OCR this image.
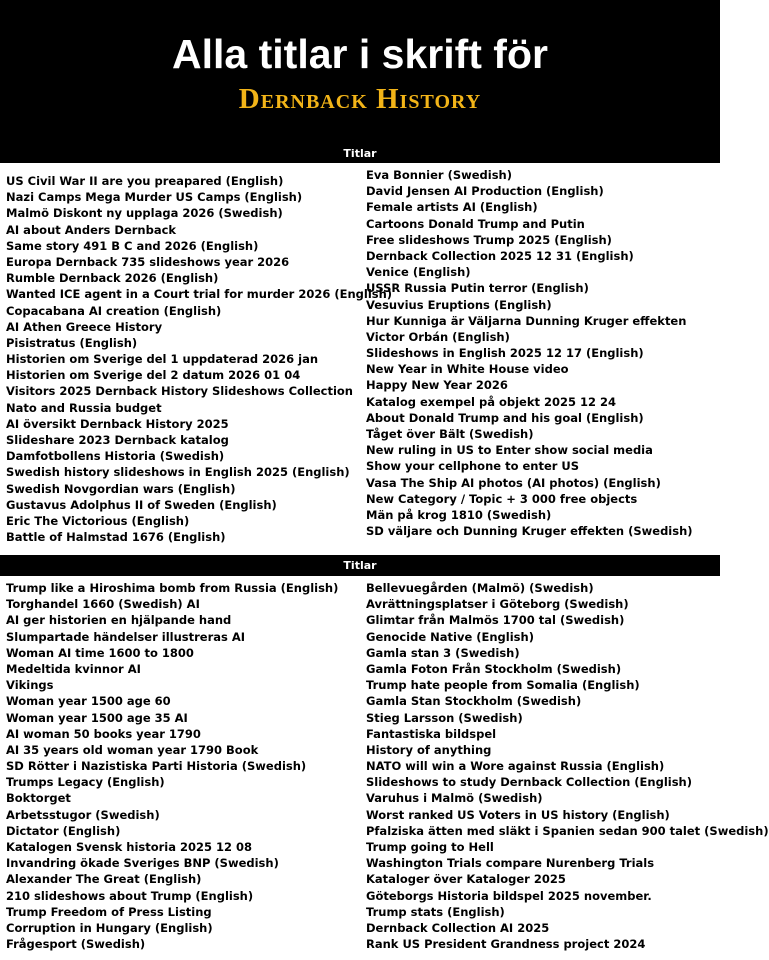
Alla titlar i skrift för
Dernback History
Titlar
US Civil War II are you preapared (English)
Nazi Camps Mega Murder US Camps (English)
Malmö Diskont ny upplaga 2026 (Swedish)
AI about Anders Dernback
Same story 491 B C and 2026 (English)
Europa Dernback 735 slideshows year 2026
Rumble Dernback 2026 (English)
Wanted ICE agent in a Court trial for murder 2026 (English)
Copacabana AI creation (English)
AI Athen Greece History
Pisistratus (English)
Historien om Sverige del 1 uppdaterad 2026 jan
Historien om Sverige del 2 datum 2026 01 04
Visitors 2025 Dernback History Slideshows Collection
Nato and Russia budget
AI översikt Dernback History 2025
Slideshare 2023 Dernback katalog
Damfotbollens Historia (Swedish)
Swedish history slideshows in English 2025 (English)
Swedish Novgordian wars (English)
Gustavus Adolphus II of Sweden (English)
Eric The Victorious (English)
Battle of Halmstad 1676 (English)
Eva Bonnier (Swedish)
David Jensen AI Production (English)
Female artists AI (English)
Cartoons Donald Trump and Putin
Free slideshows Trump 2025 (English)
Dernback Collection 2025 12 31 (English)
Venice (English)
USSR Russia Putin terror (English)
Vesuvius Eruptions (English)
Hur Kunniga är Väljarna Dunning Kruger effekten
Victor Orbán (English)
Slideshows in English 2025 12 17 (English)
New Year in White House video
Happy New Year 2026
Katalog exempel på objekt 2025 12 24
About Donald Trump and his goal (English)
Tåget över Bält (Swedish)
New ruling in US to Enter show social media
Show your cellphone to enter US
Vasa The Ship AI photos (AI photos) (English)
New Category / Topic + 3 000 free objects
Män på krog 1810 (Swedish)
SD väljare och Dunning Kruger effekten (Swedish)
Titlar
Trump like a Hiroshima bomb from Russia (English)
Torghandel 1660 (Swedish) AI
AI ger historien en hjälpande hand
Slumpartade händelser illustreras AI
Woman AI time 1600 to 1800
Medeltida kvinnor AI
Vikings
Woman year 1500 age 60
Woman year 1500 age 35 AI
AI woman 50 books year 1790
AI 35 years old woman year 1790 Book
SD Rötter i Nazistiska Parti Historia (Swedish)
Trumps Legacy (English)
Boktorget
Arbetsstugor (Swedish)
Dictator (English)
Katalogen Svensk historia 2025 12 08
Invandring ökade Sveriges BNP (Swedish)
Alexander The Great (English)
210 slideshows about Trump (English)
Trump Freedom of Press Listing
Corruption in Hungary (English)
Frågesport (Swedish)
Bellevuegården (Malmö) (Swedish)
Avrättningsplatser i Göteborg (Swedish)
Glimtar från Malmös 1700 tal (Swedish)
Genocide Native (English)
Gamla stan 3 (Swedish)
Gamla Foton Från Stockholm (Swedish)
Trump hate people from Somalia (English)
Gamla Stan Stockholm (Swedish)
Stieg Larsson (Swedish)
Fantastiska bildspel
History of anything
NATO will win a Wore against Russia (English)
Slideshows to study Dernback Collection (English)
Varuhus i Malmö (Swedish)
Worst ranked US Voters in US history (English)
Pfalziska ätten med släkt i Spanien sedan 900 talet (Swedish)
Trump going to Hell
Washington Trials compare Nurenberg Trials
Kataloger över Kataloger 2025
Göteborgs Historia bildspel 2025 november.
Trump stats (English)
Dernback Collection AI 2025
Rank US President Grandness project 2024
